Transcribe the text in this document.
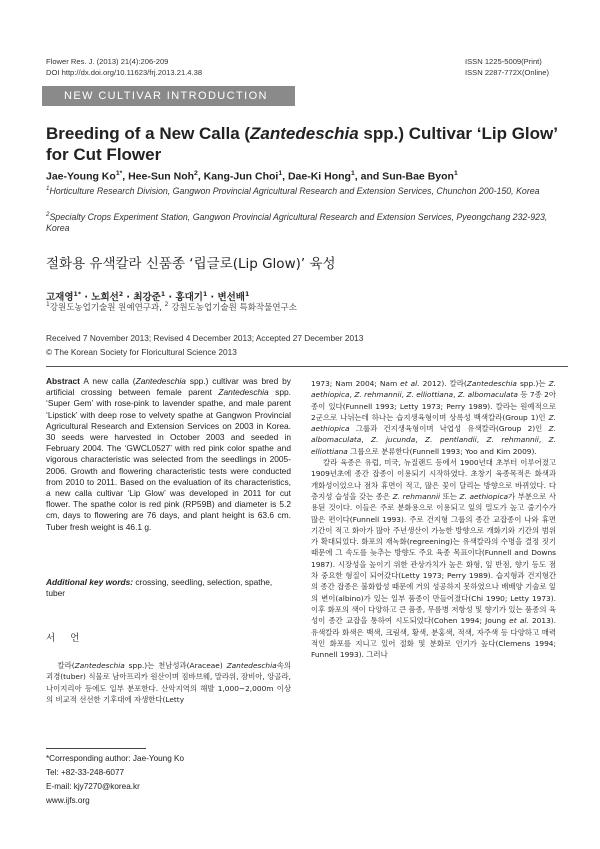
Flower Res. J. (2013) 21(4):206-209
DOI http://dx.doi.org/10.11623/frj.2013.21.4.38
ISSN 1225-5009(Print)
ISSN 2287-772X(Online)
NEW CULTIVAR INTRODUCTION
Breeding of a New Calla (Zantedeschia spp.) Cultivar ‘Lip Glow’
for Cut Flower
Jae-Young $Ko^{1*}$, Hee-Sun Noh$^2$, Kang-Jun Choi$^1$, Dae-Ki Hong$^1$, and Sun-Bae Byon$^1$
$^1$Horticulture Research Division, Gangwon Provincial Agricultural Research and Extension Services, Chunchon 200-150, Korea
$^2$Specialty Crops Experiment Station, Gangwon Provincial Agricultural Research and Extension Services, Pyeongchang 232-923, Korea
절화용 유색칼라 신품종 ‘립글로(Lip Glow)’ 육성
고재영$^{1*}$ · 노희선$^2$ · 최강준$^1$ · 홍대기$^1$ · 변선배$^1$
$^1$강원도농업기술원 원예연구과, $^2$ 강원도농업기술원 특화작물연구소
Received 7 November 2013; Revised 4 December 2013; Accepted 27 December 2013
© The Korean Society for Floricultural Science 2013
Abstract A new calla (Zantedeschia spp.) cultivar was bred by artificial crossing between female parent Zantedeschia spp. ‘Super Gem’ with rose-pink to lavender spathe, and male parent ‘Lipstick’ with deep rose to velvety spathe at Gangwon Provincial Agricultural Research and Extension Services on 2003 in Korea. 30 seeds were harvested in October 2003 and seeded in February 2004. The ‘GWCL0527’ with red pink color spathe and vigorous characteristic was selected from the seedlings in 2005-2006. Growth and flowering characteristic tests were conducted from 2010 to 2011. Based on the evaluation of its characteristics, a new calla cultivar ‘Lip Glow’ was developed in 2011 for cut flower. The spathe color is red pink (RP59B) and diameter is 5.2 cm, days to flowering are 76 days, and plant height is 63.6 cm. Tuber fresh weight is 46.1 g.
Additional key words: crossing, seedling, selection, spathe, tuber
서 언
칼라(Zantedeschia spp.)는 천남성과(Araceae) Zantedeschia속의 괴경(tuber) 식물로 남아프리카 원산이며 짐바브웨, 말라위, 잠비아, 앙골라, 나이지리아 등에도 일부 분포한다. 산악지역의 해발 1,000~2,000m 이상의 비교적 선선한 기후대에 자생한다(Letty
*Corresponding author: Jae-Young Ko
Tel: +82-33-248-6077
E-mail: kjy7270@korea.kr
www.ijfs.org
1973; Nam 2004; Nam et al. 2012). 칼라(Zantedeschia spp.)는 Z. aethiopica, Z. rehmannii, Z. elliottiana, Z. albomaculata 등 7종 2아종이 있다(Funnell 1993; Letty 1973; Perry 1989). 칼라는 원예적으로 2군으로 나뉘는데 하나는 습지생육형이며 상록성 백색칼라(Group 1)인 Z. aethiopica 그룹과 건지생육형이며 낙엽성 유색칼라(Group 2)인 Z. albomaculata, Z. jucunda, Z. pentlandii, Z. rehmannii, Z. elliottiana 그룹으로 분류한다(Funnell 1993; Yoo and Kim 2009).
칼라 육종은 유럽, 미국, 뉴질랜드 등에서 1900년대 초부터 이루어졌고 1909년초에 종간 잡종이 이용되기 시작하였다. 초창기 육종목적은 화색과 개화성이었으나 점차 휴면이 적고, 많은 꽃이 달리는 방향으로 바뀌었다. 다층지성 습성을 갖는 종은 Z. rehmannii 또는 Z. aethiopica가 부분으로 사용된 것이다. 이들은 주로 분화용으로 이용되고 잎의 밀도가 높고 줄기수가 많은 편이다(Funnell 1993). 주로 건지형 그룹의 종간 교잡종이 나와 휴면기간이 적고 화아가 많아 주년생산이 가능한 방향으로 개화기와 기간의 범위가 확대되었다. 화포의 재녹화(regreening)는 유색칼라의 수명을 결정 짓기 때문에 그 속도를 늦추는 방향도 주요 육종 목표이다(Funnell and Downs 1987). 시장성을 높이기 위한 관상가치가 높은 화형, 잎 반점, 향기 등도 점차 중요한 형질이 되어갔다(Letty 1973; Perry 1989). 습지형과 건지형간의 종간 잡종은 불화합성 때문에 거의 성공하지 못하였으나 배배양 기술로 잎의 변이(albino)가 있는 일부 품종이 만들어졌다(Chi 1990; Letty 1973). 이후 화포의 색이 다양하고 큰 품종, 무름병 저항성 및 향기가 있는 품종의 육성이 종간 교잡을 통하여 시도되었다(Cohen 1994; Joung et al. 2013). 유색칼라 화색은 백색, 크림색, 황색, 분홍색, 적색, 자주색 등 다양하고 매력적인 화포를 지니고 있어 절화 및 분화로 인기가 높다(Clemens 1994; Funnell 1993). 그러나
